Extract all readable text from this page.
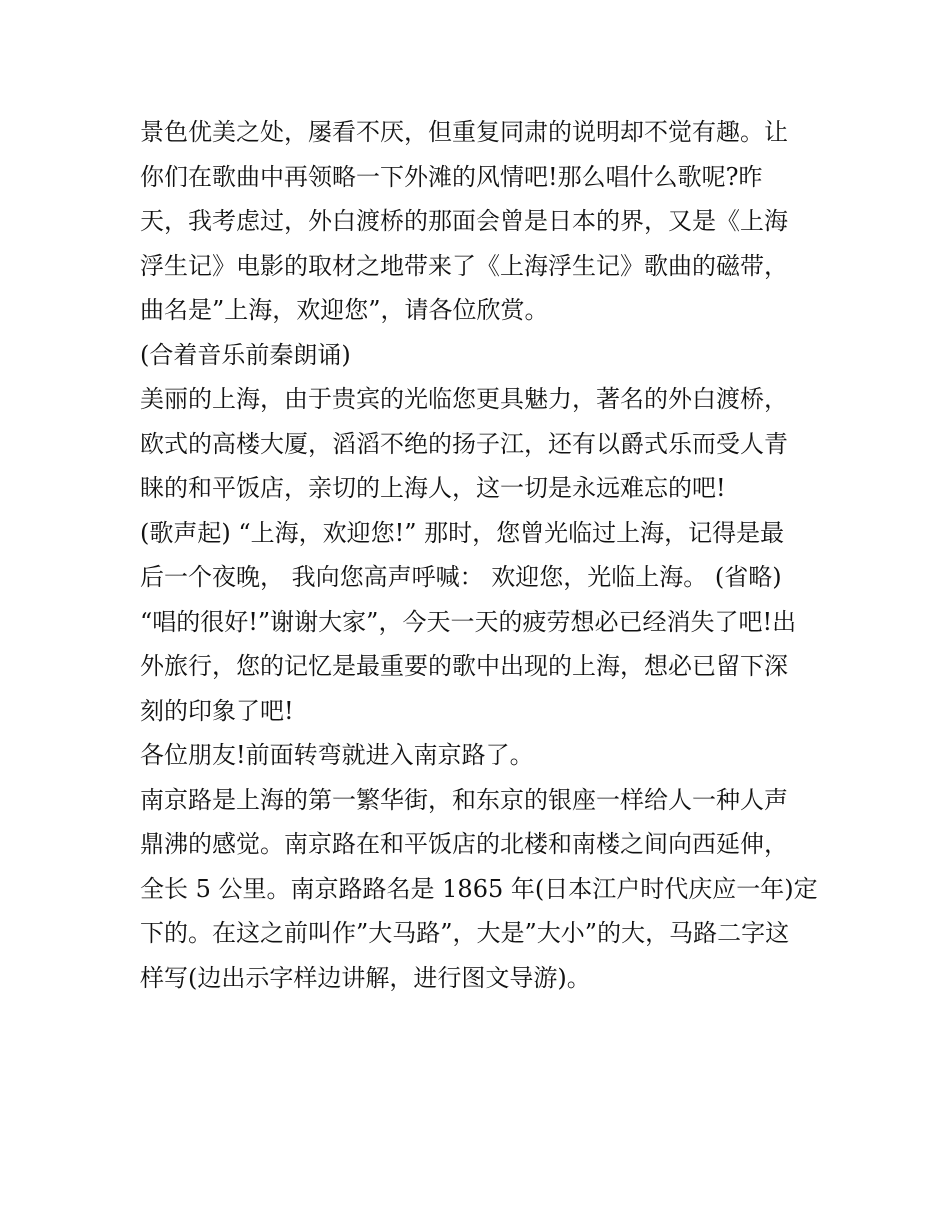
景色优美之处，屡看不厌，但重复同肃的说明却不觉有趣。让
你们在歌曲中再领略一下外滩的风情吧!那么唱什么歌呢?昨
天，我考虑过，外白渡桥的那面会曾是日本的界，又是《上海
浮生记》电影的取材之地带来了《上海浮生记》歌曲的磁带，
曲名是”上海，欢迎您”，请各位欣赏。
(合着音乐前秦朗诵)
美丽的上海，由于贵宾的光临您更具魅力，著名的外白渡桥，
欧式的高楼大厦，滔滔不绝的扬子江，还有以爵式乐而受人青
睐的和平饭店，亲切的上海人，这一切是永远难忘的吧!
(歌声起) “上海，欢迎您!” 那时，您曾光临过上海，记得是最
后一个夜晚， 我向您高声呼喊： 欢迎您，光临上海。 (省略)
“唱的很好!”谢谢大家”，今天一天的疲劳想必已经消失了吧!出
外旅行，您的记忆是最重要的歌中出现的上海，想必已留下深
刻的印象了吧!
各位朋友!前面转弯就进入南京路了。
南京路是上海的第一繁华街，和东京的银座一样给人一种人声
鼎沸的感觉。南京路在和平饭店的北楼和南楼之间向西延伸，
全长 5 公里。南京路路名是 1865 年(日本江户时代庆应一年)定
下的。在这之前叫作”大马路”，大是”大小”的大，马路二字这
样写(边出示字样边讲解，进行图文导游)。
